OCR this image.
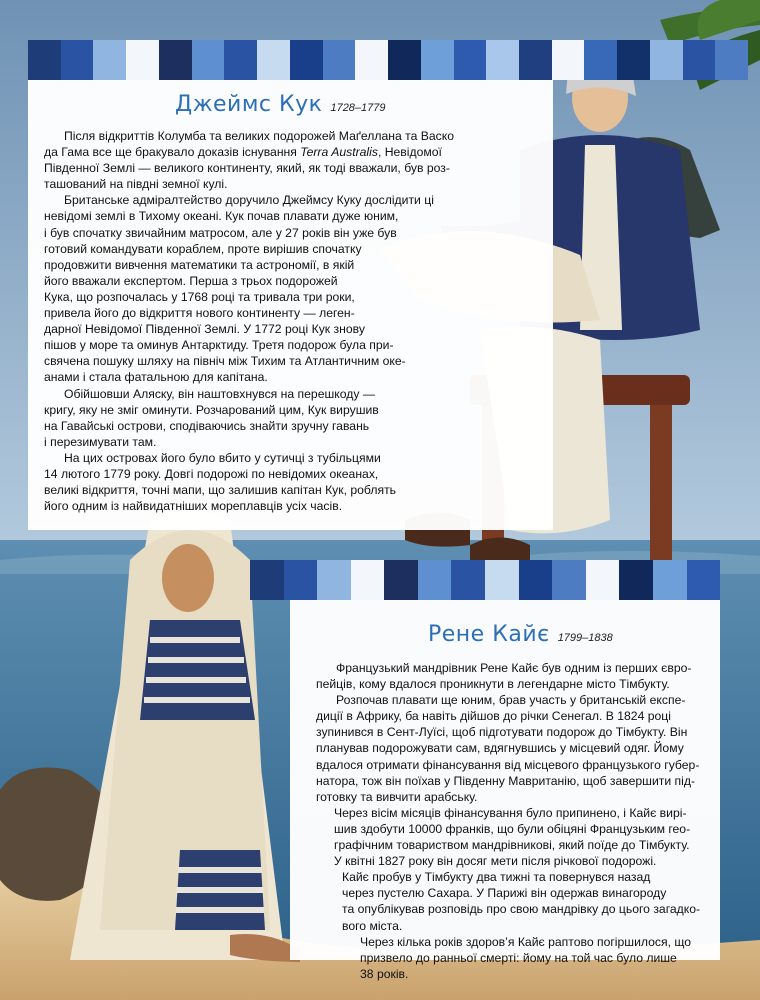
Джеймс Кук 1728–1779

Після відкриттів Колумба та великих подорожей Маґеллана та Васко

да Гама все ще бракувало доказів існування Terra Australis, Невідомої

Південної Землі — великого континенту, який, як тоді вважали, був роз-

ташований на півдні земної кулі.

Британське адміралтейство доручило Джеймсу Куку дослідити ці

невідомі землі в Тихому океані. Кук почав плавати дуже юним,

і був спочатку звичайним матросом, але у 27 років він уже був

готовий командувати кораблем, проте вирішив спочатку

продовжити вивчення математики та астрономії, в якій

його вважали експертом. Перша з трьох подорожей

Кука, що розпочалась у 1768 році та тривала три роки,

привела його до відкриття нового континенту — леген-

дарної Невідомої Південної Землі. У 1772 році Кук знову

пішов у море та оминув Антарктиду. Третя подорож була при-

свячена пошуку шляху на північ між Тихим та Атлантичним оке-

анами і стала фатальною для капітана.

Обійшовши Аляску, він наштовхнувся на перешкоду —

кригу, яку не зміг оминути. Розчарований цим, Кук вирушив

на Гавайські острови, сподіваючись знайти зручну гавань

і перезимувати там.

На цих островах його було вбито у сутичці з тубільцями

14 лютого 1779 року. Довгі подорожі по невідомих океанах,

великі відкриття, точні мапи, що залишив капітан Кук, роблять

його одним із найвидатніших мореплавців усіх часів.

Рене Кайє 1799–1838

Французький мандрівник Рене Кайє був одним із перших євро-

пейців, кому вдалося проникнути в легендарне місто Тімбукту.

Розпочав плавати ще юним, брав участь у британській експе-

диції в Африку, ба навіть дійшов до річки Сенегал. В 1824 році

зупинився в Сент-Луїсі, щоб підготувати подорож до Тімбукту. Він

планував подорожувати сам, вдягнувшись у місцевий одяг. Йому

вдалося отримати фінансування від місцевого французького губер-

натора, тож він поїхав у Південну Мавританію, щоб завершити під-

готовку та вивчити арабську.

Через вісім місяців фінансування було припинено, і Кайє вирі-

шив здобути 10000 франків, що були обіцяні Французьким гео-

графічним товариством мандрівникові, який поїде до Тімбукту.

У квітні 1827 року він досяг мети після річкової подорожі.

Кайє пробув у Тімбукту два тижні та повернувся назад

через пустелю Сахара. У Парижі він одержав винагороду

та опублікував розповідь про свою мандрівку до цього загадко-

вого міста.

Через кілька років здоров’я Кайє раптово погіршилося, що

призвело до ранньої смерті: йому на той час було лише

38 років.
